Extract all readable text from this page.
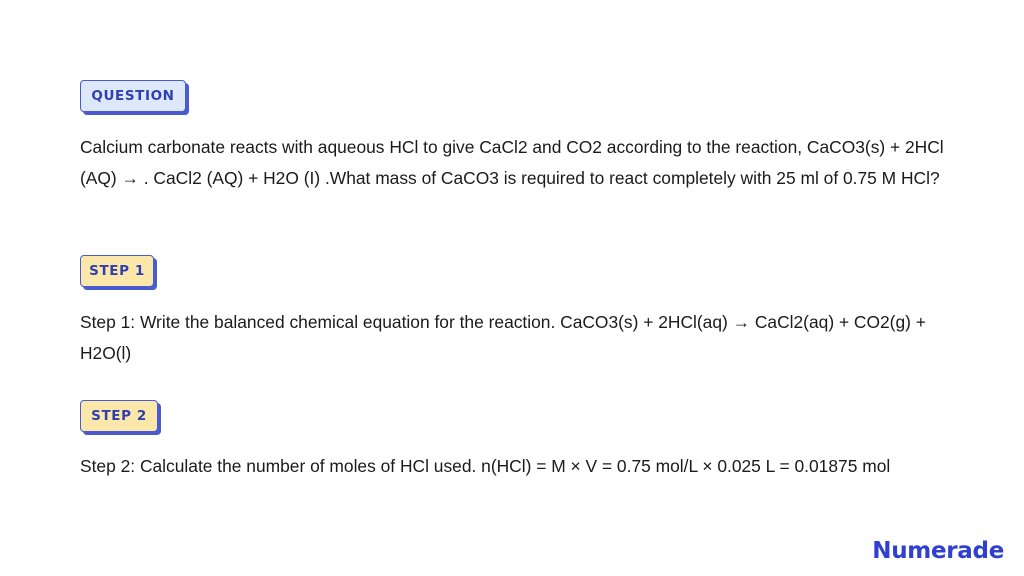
QUESTION
Calcium carbonate reacts with aqueous HCl to give CaCl2 and CO2 according to the reaction, CaCO3(s) + 2HCl (AQ) → . CaCl2 (AQ) + H2O (I) .What mass of CaCO3 is required to react completely with 25 ml of 0.75 M HCl?
STEP 1
Step 1: Write the balanced chemical equation for the reaction. CaCO3(s) + 2HCl(aq) → CaCl2(aq) + CO2(g) + H2O(l)
STEP 2
Step 2: Calculate the number of moles of HCl used. n(HCl) = M × V = 0.75 mol/L × 0.025 L = 0.01875 mol
Numerade
